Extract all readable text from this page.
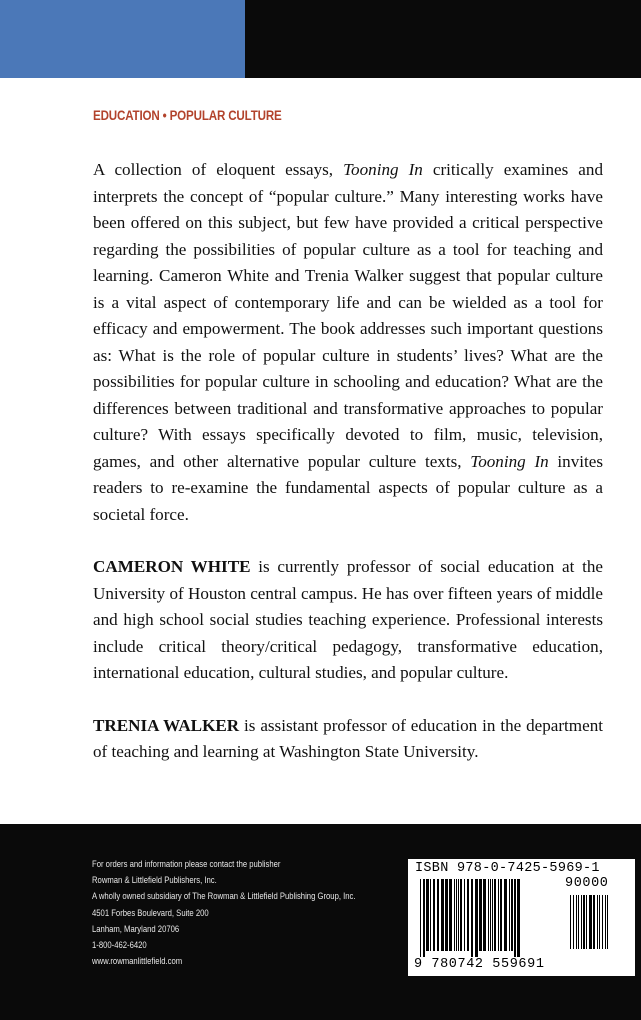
EDUCATION • POPULAR CULTURE

A collection of eloquent essays, Tooning In critically examines and interprets the concept of “popular culture.” Many interesting works have been offered on this subject, but few have provided a critical perspective regarding the possibilities of popular culture as a tool for teaching and learning. Cameron White and Trenia Walker suggest that popular culture is a vital aspect of contemporary life and can be wielded as a tool for efficacy and empowerment. The book addresses such important questions as: What is the role of popular culture in students’ lives? What are the possibilities for popular culture in schooling and education? What are the differences between traditional and transformative approaches to popular culture? With essays specifically devoted to film, music, television, games, and other alternative popular culture texts, Tooning In invites readers to re-examine the fundamental aspects of popular culture as a societal force.

CAMERON WHITE is currently professor of social education at the University of Houston central campus. He has over fifteen years of middle and high school social studies teaching experience. Professional interests include critical theory/critical pedagogy, transformative education, international education, cultural studies, and popular culture.

TRENIA WALKER is assistant professor of education in the department of teaching and learning at Washington State University.

For orders and information please contact the publisher
Rowman & Littlefield Publishers, Inc.
A wholly owned subsidiary of The Rowman & Littlefield Publishing Group, Inc.
4501 Forbes Boulevard, Suite 200
Lanham, Maryland 20706
1-800-462-6420
www.rowmanlittlefield.com
ISBN 978-0-7425-5969-1
90000
9 780742 559691
